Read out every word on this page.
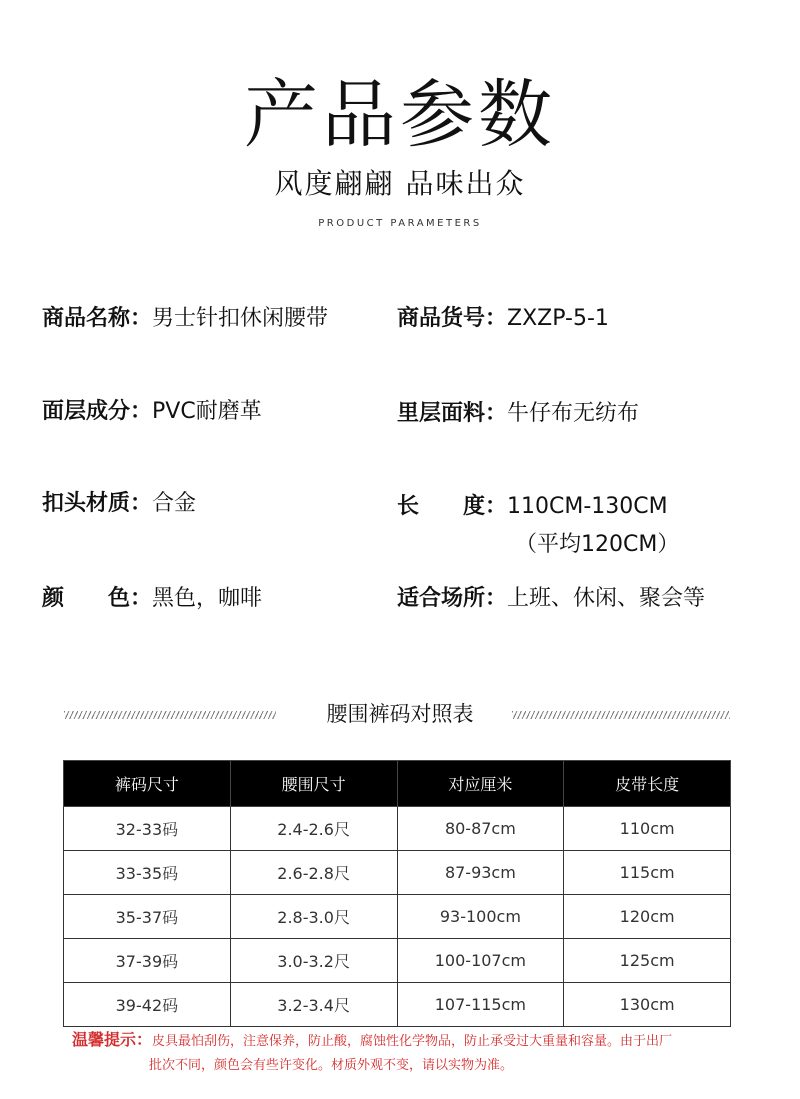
产品参数
风度翩翩 品味出众
PRODUCT PARAMETERS
商品名称：男士针扣休闲腰带
面层成分：PVC耐磨革
扣头材质：合金
颜　　色：黑色，咖啡
商品货号：ZXZP-5-1
里层面料：牛仔布无纺布
长　　度：110CM-130CM
（平均120CM）
适合场所：上班、休闲、聚会等
腰围裤码对照表
裤码尺寸	腰围尺寸	对应厘米	皮带长度
32-33码	2.4-2.6尺	80-87cm	110cm
33-35码	2.6-2.8尺	87-93cm	115cm
35-37码	2.8-3.0尺	93-100cm	120cm
37-39码	3.0-3.2尺	100-107cm	125cm
39-42码	3.2-3.4尺	107-115cm	130cm
温馨提示：皮具最怕刮伤，注意保养，防止酸，腐蚀性化学物品，防止承受过大重量和容量。由于出厂
批次不同，颜色会有些许变化。材质外观不变，请以实物为准。
